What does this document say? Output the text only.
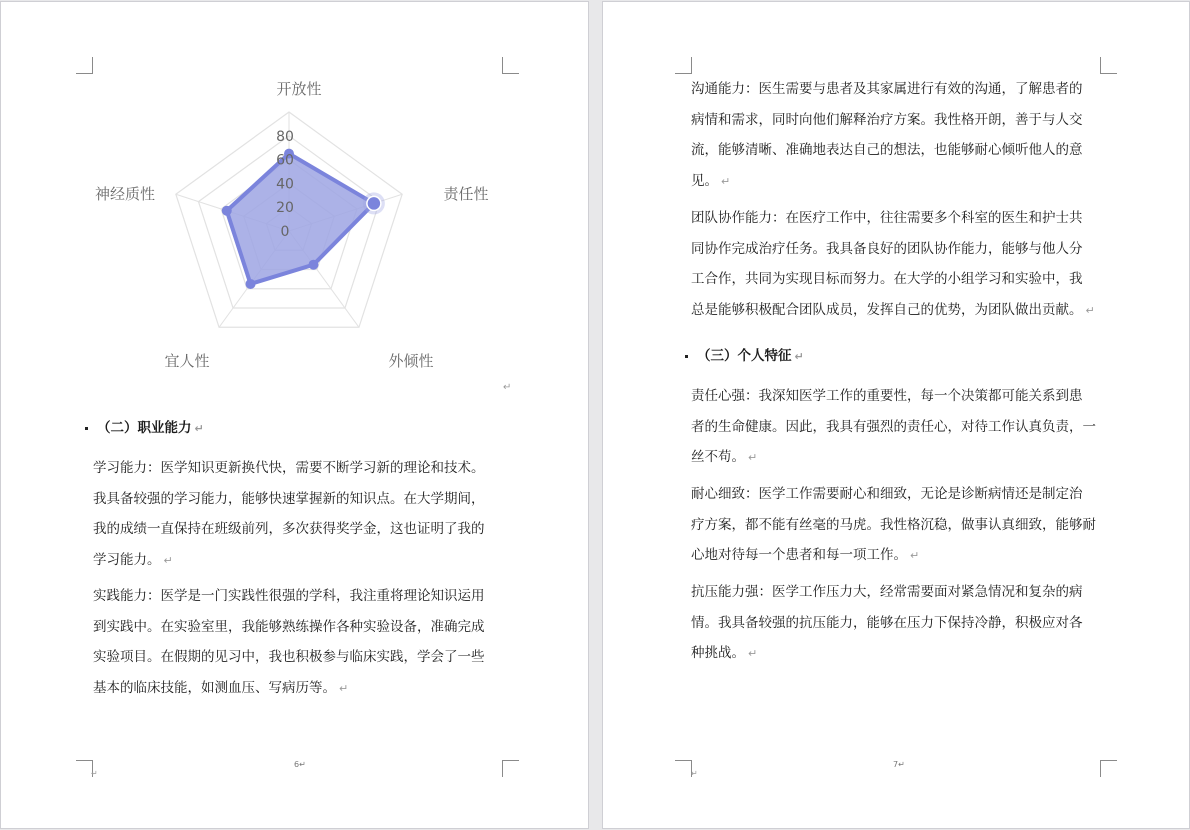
0
20
40
60
80
开放性
责任性
外倾性
宜人性
神经质性
↵
（二）职业能力 ↵
学习能力：医学知识更新换代快，需要不断学习新的理论和技术。
我具备较强的学习能力，能够快速掌握新的知识点。在大学期间，
我的成绩一直保持在班级前列，多次获得奖学金，这也证明了我的
学习能力。 ↵
实践能力：医学是一门实践性很强的学科，我注重将理论知识运用
到实践中。在实验室里，我能够熟练操作各种实验设备，准确完成
实验项目。在假期的见习中，我也积极参与临床实践，学会了一些
基本的临床技能，如测血压、写病历等。 ↵
6↵
↵
沟通能力：医生需要与患者及其家属进行有效的沟通，了解患者的
病情和需求，同时向他们解释治疗方案。我性格开朗，善于与人交
流，能够清晰、准确地表达自己的想法，也能够耐心倾听他人的意
见。 ↵
团队协作能力：在医疗工作中，往往需要多个科室的医生和护士共
同协作完成治疗任务。我具备良好的团队协作能力，能够与他人分
工合作，共同为实现目标而努力。在大学的小组学习和实验中，我
总是能够积极配合团队成员，发挥自己的优势，为团队做出贡献。 ↵
（三）个人特征 ↵
责任心强：我深知医学工作的重要性，每一个决策都可能关系到患
者的生命健康。因此，我具有强烈的责任心，对待工作认真负责，一
丝不苟。 ↵
耐心细致：医学工作需要耐心和细致，无论是诊断病情还是制定治
疗方案，都不能有丝毫的马虎。我性格沉稳，做事认真细致，能够耐
心地对待每一个患者和每一项工作。 ↵
抗压能力强：医学工作压力大，经常需要面对紧急情况和复杂的病
情。我具备较强的抗压能力，能够在压力下保持冷静，积极应对各
种挑战。 ↵
7↵
↵
